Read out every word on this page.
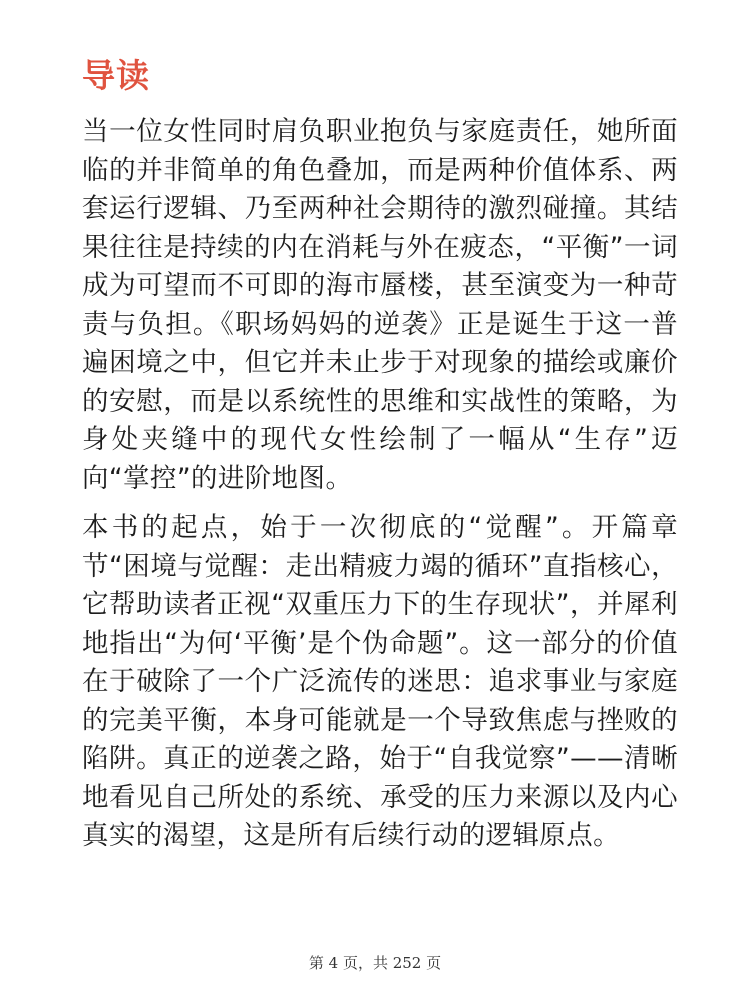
导读

当一位女性同时肩负职业抱负与家庭责任，她所面临的并非简单的角色叠加，而是两种价值体系、两套运行逻辑、乃至两种社会期待的激烈碰撞。其结果往往是持续的内在消耗与外在疲态，“平衡”一词成为可望而不可即的海市蜃楼，甚至演变为一种苛责与负担。《职场妈妈的逆袭》正是诞生于这一普遍困境之中，但它并未止步于对现象的描绘或廉价的安慰，而是以系统性的思维和实战性的策略，为身处夹缝中的现代女性绘制了一幅从“生存”迈向“掌控”的进阶地图。

本书的起点，始于一次彻底的“觉醒”。开篇章节“困境与觉醒：走出精疲力竭的循环”直指核心，它帮助读者正视“双重压力下的生存现状”，并犀利地指出“为何‘平衡’是个伪命题”。这一部分的价值在于破除了一个广泛流传的迷思：追求事业与家庭的完美平衡，本身可能就是一个导致焦虑与挫败的陷阱。真正的逆袭之路，始于“自我觉察”——清晰地看见自己所处的系统、承受的压力来源以及内心真实的渴望，这是所有后续行动的逻辑原点。

第 4 页，共 252 页
